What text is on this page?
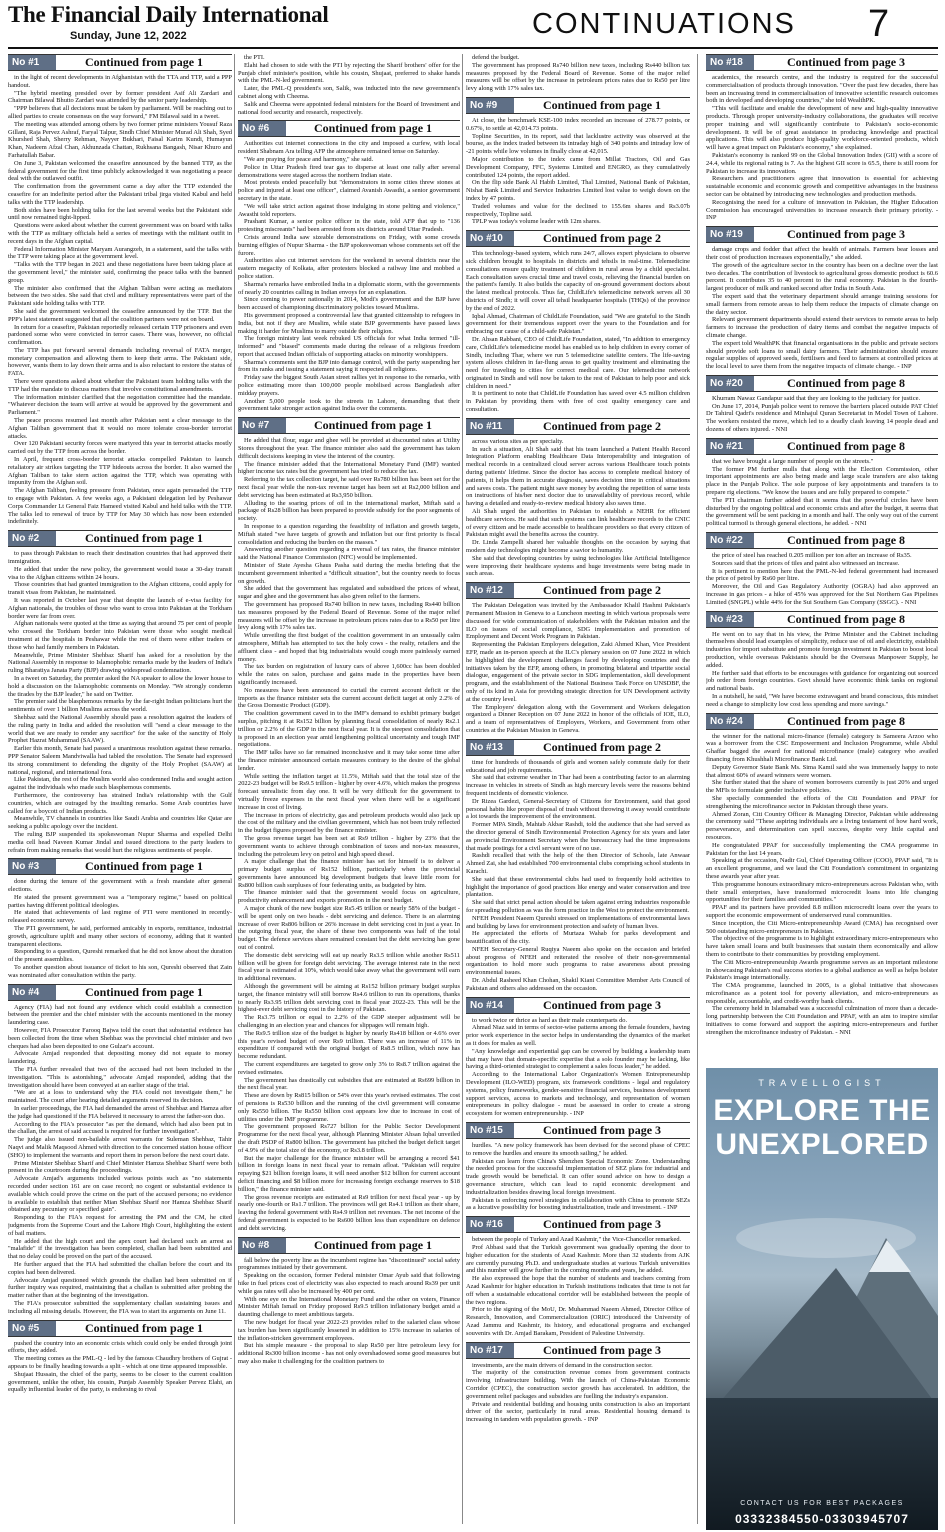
The Financial Daily International
Sunday, June 12, 2022	CONTINUATIONS 7
No #1	Continued from page 1

in the light of recent developments in Afghanistan with the TTA and TTP, said a PPP handout.

"The hybrid meeting presided over by former president Asif Ali Zardari and Chairman Bilawal Bhutto Zardari was attended by the senior party leadership.

"PPP believes that all decisions must be taken by parliament. Will be reaching out to allied parties to create consensus on the way forward," FM Bilawal said in a tweet.

The meeting was attended among others by two former prime ministers Yousuf Raza Gillani, Raja Pervez Ashraf, Faryal Talpur, Sindh Chief Minister Murad Ali Shah, Syed Khurshed Shah, Sherry Rehman, Nayyer Bukhari, Faisal Karim Kundi, Humayun Khan, Nadeem Afzal Chan, Akhunzada Chattan, Rukhsana Bangash, Nisar Khuro and Farhatullah Babar.

On June 3, Pakistan welcomed the ceasefire announced by the banned TTP, as the federal government for the first time publicly acknowledged it was negotiating a peace deal with the outlawed outfit.

The confirmation from the government came a day after the TTP extended the ceasefire for an indefinite period after the Pakistani tribal jirga visited Kabul and held talks with the TTP leadership.

Both sides have been holding talks for the last several weeks but the Pakistani side until now remained tight-lipped.

Questions were asked about whether the current government was on board with talks with the TTP as military officials held a series of meetings with the militant outfit in recent days in the Afghan capital.

Federal Information Minister Maryam Aurangzeb, in a statement, said the talks with the TTP were taking place at the government level.

"Talks with the TTP began in 2021 and these negotiations have been taking place at the government level," the minister said, confirming the peace talks with the banned group.

The minister also confirmed that the Afghan Taliban were acting as mediators between the two sides. She said that civil and military representatives were part of the Pakistani side holding talks with TTP.

She said the government welcomed the ceasefire announced by the TTP. But the PPP's latest statement suggested that all the coalition partners were not on board.

In return for a ceasefire, Pakistan reportedly released certain TTP prisoners and even pardoned some who were convicted in terror cases. There was, however, no official confirmation.

The TTP has put forward several demands including reversal of FATA merger, monetary compensation and allowing them to keep their arms. The Pakistani side, however, wants them to lay down their arms and is also reluctant to restore the status of FATA.

There were questions asked about whether the Pakistani team holding talks with the TTP had the mandate to discuss matters that involve constitutional amendments.

The information minister clarified that the negotiation committee had the mandate. "Whatever decision the team will arrive at would be approved by the government and Parliament."

The peace process resumed last month after Pakistan sent a clear message to the Afghan Taliban government that it would no more tolerate cross-border terrorist attacks.

Over 120 Pakistani security forces were martyred this year in terrorist attacks mostly carried out by the TTP from across the border.

In April, frequent cross-border terrorist attacks compelled Pakistan to launch retaliatory air strikes targeting the TTP hideouts across the border. It also warned the Afghan Taliban to take stern action against the TTP, which was operating with impunity from the Afghan soil.

The Afghan Taliban, feeling pressure from Pakistan, once again persuaded the TTP to engage with Pakistan. A few weeks ago, a Pakistani delegation led by Peshawar Corps Commander Lt General Faiz Hameed visited Kabul and held talks with the TTP. The talks led to renewal of truce by TTP for May 30 which has now been extended indefinitely.

No #2	Continued from page 1

to pass through Pakistan to reach their destination countries that had approved their immigration.

He added that under the new policy, the government would issue a 30-day transit visa to the Afghan citizens within 24 hours.

Those countries that had granted immigration to the Afghan citizens, could apply for transit visas from Pakistan, he maintained.

It was reported in October last year that despite the launch of e-visa facility for Afghan nationals, the troubles of those who want to cross into Pakistan at the Torkham border were far from over.

Afghan nationals were quoted at the time as saying that around 75 per cent of people who crossed the Torkham border into Pakistan were those who sought medical treatment at the hospitals in Peshawar while the rest of them were either traders or those who had family members in Pakistan.

Meanwhile, Prime Minister Shehbaz Sharif has asked for a resolution by the National Assembly in response to Islamophobic remarks made by the leaders of India's ruling Bharatiya Janata Party (BJP) drawing widespread condemnation.

In a tweet on Saturday, the premier asked the NA speaker to allow the lower house to hold a discussion on the Islamophobic comments on Monday. "We strongly condemn the tirades by the BJP leader," he said on Twitter.

The premier said the blasphemous remarks by the far-right Indian politicians hurt the sentiments of over 1 billion Muslims across the world.

Shehbaz said the National Assembly should pass a resolution against the leaders of the ruling party in India and added the resolution will "send a clear message to the world that we are ready to render any sacrifice" for the sake of the sanctity of Holy Prophet Hazrat Muhammad (SAAW).

Earlier this month, Senate had passed a unanimous resolution against these remarks. PPP Senator Saleem Mandviwalla had tabled the resolution. The Senate had expressed its strong commitment to defending the dignity of the Holy Prophet (SAAW) at national, regional, and international fora.

Like Pakistan, the rest of the Muslim world also condemned India and sought action against the individuals who made such blasphemous comments.

Furthermore, the controversy has strained India's relationship with the Gulf countries, which are outraged by the insulting remarks. Some Arab countries have called for a boycott of Indian products.

Meanwhile, TV channels in countries like Saudi Arabia and countries like Qatar are seeking a public apology over the incident.

The ruling BJP suspended its spokeswoman Nupur Sharma and expelled Delhi media cell head Naveen Kumar Jindal and issued directions to the party leaders to refrain from making remarks that would hurt the religious sentiments of people.

No #3	Continued from page 1

done during the tenure of the government with a fresh mandate after general elections.

He stated the present government was a "temporary regime," based on political parties having different political ideologies.

He stated that achievements of last regime of PTI were mentioned in recently-released economic survey.

The PTI government, he said, performed amicably in exports, remittance, industrial growth, agriculture uplift and many other sectors of economy, adding that it wanted transparent elections.

Responding to a question, Qureshi remarked that he did not know about the duration of the present assemblies.

To another question about issuance of ticket to his son, Qureshi observed that Zain was nominated after consultation within the party.

No #4	Continued from page 1

Agency (FIA) had not found any evidence which could establish a connection between the premier and the chief minister with the accounts mentioned in the money laundering case.

However, FIA Prosecutor Farooq Bajwa told the court that substantial evidence has been collected from the time when Shehbaz was the provincial chief minister and two cheques had also been deposited to one Gulzar's account.

Advocate Amjad responded that depositing money did not equate to money laundering.

The FIA further revealed that two of the accused had not been included in the investigation. "This is astonishing," advocate Amjad responded, adding that the investigation should have been conveyed at an earlier stage of the trial.

"We are at a loss to understand why the FIA could not investigate them," he maintained. The court after hearing detailed arguments reserved its decision.

In earlier proceedings, the FIA had demanded the arrest of Shehbaz and Hamza after the judge had questioned if the FIA believed it necessary to arrest the father-son duo.

According to the FIA's prosecutor "as per the demand, which had also been put in the challan, the arrest of said accused is required for further investigation".

The judge also issued non-bailable arrest warrants for Suleman Shehbaz, Tahir Naqvi and Malik Maqsood Ahmed with direction to the concerned station house officer (SHO) to implement the warrants and report them in person before the next court date.

Prime Minister Shehbaz Sharif and Chief Minister Hamza Shehbaz Sharif were both present in the courtroom during the proceedings.

Advocate Amjad's arguments included various points such as "no statements recorded under section 161 are on case record; no cogent or substantial evidence is available which could prove the crime on the part of the accused persons; no evidence is available to establish that neither Mian Shehbaz Sharif nor Hamza Shehbaz Sharif obtained any pecuniary or specified gain".

Responding to the FIA's request for arresting the PM and the CM, he cited judgments from the Supreme Court and the Lahore High Court, highlighting the extent of bail matters.

He added that the high court and the apex court had declared such an arrest as "malafide" if the investigation has been completed, challan had been submitted and that no delay could be proved on the part of the accused.

He further argued that the FIA had submitted the challan before the court and its copies had been delivered.

Advocate Amjad questioned which grounds the challan had been submitted on if further inquiry was required, maintaining that a challan is submitted after probing the matter rather than at the beginning of the investigation.

The FIA's prosecutor submitted the supplementary challan sustaining issues and including all missing details. However, the FIA was to start its arguments on June 11.

No #5	Continued from page 1

pushed the country into an economic crisis which could only be ended through joint efforts, they added.

The meeting comes as the PML-Q - led by the famous Chaudhry brothers of Gujrat - appears to be finally heading towards a split - which at one time appeared impossible.

Shujaat Hussain, the chief of the party, seems to be closer to the current coalition government, unlike the other, his cousin, Punjab Assembly Speaker Pervez Elahi, an equally influential leader of the party, is endorsing to rival

the PTI.

Elahi had chosen to side with the PTI by rejecting the Sharif brothers' offer for the Punjab chief minister's position, while his cousin, Shujaat, preferred to shake hands with the PML-N-led government.

Later, the PML-Q president's son, Salik, was inducted into the new government's cabinet along with Cheema.

Salik and Cheema were appointed federal ministers for the Board of Investment and national food security and research, respectively.

No #6	Continued from page 1

Authorities cut internet connections in the city and imposed a curfew, with local resident Shabnam Ara telling AFP the atmosphere remained tense on Saturday.

"We are praying for peace and harmony," she said.

Police in Uttar Pradesh fired tear gas to disperse at least one rally after several demonstrations were staged across the northern Indian state.

Most protests ended peacefully but "demonstrators in some cities threw stones at police and injured at least one officer", claimed Avanish Awasthi, a senior government secretary in the state.

"We will take strict action against those indulging in stone pelting and violence," Awasthi told reporters.

Prashant Kumar, a senior police officer in the state, told AFP that up to "136 protesting miscreants" had been arrested from six districts around Uttar Pradesh.

Crisis around India saw sizeable demonstrations on Friday, with some crowds burning effigies of Nupur Sharma - the BJP spokeswoman whose comments set off the furore.

Authorities also cut internet services for the weekend in several districts near the eastern megacity of Kolkata, after protesters blocked a railway line and mobbed a police station.

Sharma's remarks have embroiled India in a diplomatic storm, with the governments of nearly 20 countries calling in Indian envoys for an explanation.

Since coming to power nationally in 2014, Modi's government and the BJP have been accused of championing discriminatory policies toward Muslims.

His government proposed a controversial law that granted citizenship to refugees in India, but not if they are Muslim, while state BJP governments have passed laws making it harder for Muslims to marry outside their religion.

The foreign ministry last week rebuked US officials for what India termed "ill-informed" and "biased" comments made during the release of a religious freedom report that accused Indian officials of supporting attacks on minority worshippers.

Sharma's comments sent the BJP into damage control, with the party suspending her from its ranks and issuing a statement saying it respected all religions.

Friday saw the biggest South Asian street rallies yet in response to the remarks, with police estimating more than 100,000 people mobilised across Bangladesh after midday prayers.

Another 5,000 people took to the streets in Lahore, demanding that their government take stronger action against India over the comments.

No #7	Continued from page 1

He added that flour, sugar and ghee will be provided at discounted rates at Utility Stores throughout the year. The finance minister also said the government has taken difficult decisions keeping in view the interest of the country.

The finance minister added that the International Monetary Fund (IMF) wanted higher income tax rates but the government has tried to reduce the tax.

Referring to the tax collection target, he said over Rs780 billion has been set for the next fiscal year while the non-tax revenue target has been set at Rs2,000 billion and debt servicing has been estimated at Rs3,950 billion.

Alluding to the soaring prices of oil in the international market, Miftah said a package of Rs28 billion has been prepared to provide subsidy for the poor segments of society.

In response to a question regarding the feasibility of inflation and growth targets, Miftah stated "we have targets of growth and inflation but our first priority is fiscal consolidation and reducing the burden on the masses."

Answering another question regarding a reversal of tax rates, the finance minister said the National Finance Commission (NFC) would be implemented.

Minister of State Ayesha Ghaus Pasha said during the media briefing that the incumbent government inherited a "difficult situation", but the country needs to focus on growth.

She added that the government has regulated and subsidised the prices of wheat, sugar and ghee and the government has also given relief to the farmers.

The government has proposed Rs740 billion in new taxes, including Rs440 billion tax measures proposed by the Federal Board of Revenue. Some of the major relief measures will be offset by the increase in petroleum prices rates due to a Rs50 per litre levy along with 17% sales tax.

While unveiling the first budget of the coalition government in an unusually calm atmosphere, Miftah has attempted to tax the holy cows - the realty, retailers and the affluent class - and hoped that big industrialists would cough more painlessly earned money.

The tax burden on registration of luxury cars of above 1,600cc has been doubled while the rates on salon, purchase and gains made in the properties have been significantly increased.

No measures have been announced to curtail the current account deficit or the imports as the finance minister sets the current account deficit target at only 2.2% of the Gross Domestic Product (GDP).

The coalition government caved in to the IMF's demand to exhibit primary budget surplus, pitching it at Rs152 billion by planning fiscal consolidation of nearly Rs2.1 trillion or 2.2% of the GDP in the next fiscal year. It is the steepest consolidation that is proposed in an election year amid lengthening political uncertainty and tough IMF negotiations.

The IMF talks have so far remained inconclusive and it may take some time after the finance minister announced certain measures contrary to the desire of the global lender.

While setting the inflation target at 11.5%, Miftah said that the total size of the 2022-23 budget will be Rs9.5 trillion - higher by over 4.6%, which makes the progress forecast unrealistic from day one. It will be very difficult for the government to virtually freeze expenses in the next fiscal year when there will be a significant increase in cost of living.

The increase in prices of electricity, gas and petroleum products would also jack up the cost of the military and the civilian government, which has not been truly reflected in the budget figures proposed by the finance minister.

The gross revenue target has been set at Rs9 trillion - higher by 23% that the government wants to achieve through combination of taxes and non-tax measures, including the petroleum levy on petrol and high speed diesel.

A major challenge that the finance minister has set for himself is to deliver a primary budget surplus of Rs152 billion, particularly when the provincial governments have announced big development budgets that leave little room for Rs800 billion cash surpluses of four federating units, as budgeted by him.

The finance minister said that the government would focus on agriculture, productivity enhancement and exports promotion in the next budget.

A major chunk of the new budget size Rs5.45 trillion or nearly 58% of the budget - will be spent only on two heads - debt servicing and defence. There is an alarming increase of over Rs806 billion or 26% increase in debt servicing cost in just a year. In the outgoing fiscal year, the share of these two components was half of the total budget. The defence services share remained constant but the debt servicing has gone out of control.

The domestic debt servicing will eat up nearly Rs3.5 trillion while another Rs511 billion will be given for foreign debt servicing. The average interest rate in the next fiscal year is estimated at 10%, which would take away what the government will earn in additional revenues.

Although the government will be aiming at Rs152 billion primary budget surplus target, the finance ministry will still borrow Rs4.6 trillion to run its operations, thanks to nearly Rs3.95 trillion debt servicing cost in fiscal year 2022-23. This will be the highest-ever debt servicing cost in the history of Pakistan.

The Rs3.75 trillion or equal to 2.2% of the GDP steeper adjustment will be challenging in an election year and chances for slippages will remain high.

The Rs9.5 trillion size of the budget is higher by nearly Rs418 billion or 4.6% over this year's revised budget of over Rs9 trillion. There was an increase of 11% in expenditure if compared with the original budget of Rs8.5 trillion, which now has become redundant.

The current expenditures are targeted to grow only 3% to Rs8.7 trillion against the revised estimates.

The government has drastically cut subsidies that are estimated at Rs699 billion in the next fiscal year.

These are down by Rs815 billion or 54% over this year's revised estimates. The cost of pensions is Rs530 billion and the running of the civil government will consume only Rs550 billion. The Rs550 billion cost appears low due to increase in cost of utilities under the IMF programme.

The government proposed Rs727 billion for the Public Sector Development Programme for the next fiscal year, although Planning Minister Ahsan Iqbal unveiled the draft PSDP of Rs800 billion. The government has pitched the budget deficit target of 4.9% of the total size of the economy, or Rs3.8 trillion.

But the major challenge for the finance minister will be arranging a record $41 billion in foreign loans in next fiscal year to remain afloat. "Pakistan will require repaying $21 billion foreign loans, it will need another $12 billion for current account deficit financing and $8 billion more for increasing foreign exchange reserves to $18 billion," the finance minister said.

The gross revenue receipts are estimated at Rs9 trillion for next fiscal year - up by nearly one-fourth or Rs1.7 trillion. The provinces will get Rs4.1 trillion as their share, leaving the federal government with Rs4.9 trillion net revenues. The net income of the federal government is expected to be Rs600 billion less than expenditure on defence and debt servicing.

No #8	Continued from page 1

fall below the poverty line as the incumbent regime has "discontinued" social safety programmes initiated by their government.

Speaking on the occasion, former Federal minister Omar Ayub said that following hike in fuel prices cost of electricity was also expected to reach around Rs39 per unit while gas rates will also be increased by 400 per cent.

With one eye on the International Monetary Fund and the other on voters, Finance Minister Miftah Ismail on Friday proposed Rs9.5 trillion inflationary budget amid a daunting challenge to meet ambitious targets.

The new budget for fiscal year 2022-23 provides relief to the salaried class whose tax burden has been significantly lessened in addition to 15% increase in salaries of the inflation-stricken government employees.

But his simple measure - the proposal to slap Rs50 per litre petroleum levy for additional Rs300 billion income - has not only overshadowed some good measures but may also make it challenging for the coalition partners to

defend the budget.

The government has proposed Rs740 billion new taxes, including Rs440 billion tax measures proposed by the Federal Board of Revenue. Some of the major relief measures will be offset by the increase in petroleum prices rates due to Rs50 per litre levy along with 17% sales tax.

No #9	Continued from page 1

At close, the benchmark KSE-100 index recorded an increase of 278.77 points, or 0.67%, to settle at 42,014.73 points.

Topline Securities, in its report, said that lacklustre activity was observed at the bourse, as the index traded between its intraday high of 340 points and intraday low of -21 points while low volumes in finally close at 42,015.

Major contribution to the index came from Millat Tractors, Oil and Gas Development Company, FFC, Systems Limited and ENGRO, as they cumulatively contributed 124 points, the report added.

On the flip side Bank Al Habib Limited, Thal Limited, National Bank of Pakistan, Nishat Bank Limited and Service Industries Limited lost value to weigh down on the index by 47 points.

Traded volumes and value for the declined to 155.6m shares and Rs3.07b respectively, Topline said.

TPLP was today's volume leader with 12m shares.

No #10	Continued from page 2

This technology-based system, which runs 24/7, allows expert physicians to observe sick children brought to hospitals in districts and tehsils in real-time. Telemedicine consultations ensure quality treatment of children in rural areas by a child specialist. Each consultation saves crucial time and travel costs, relieving the financial burden on the patient's family. It also builds the capacity of on-ground government doctors about the latest medical protocols. Thus far, ChildLife's telemedicine network serves all 30 districts of Sindh; it will cover all tehsil headquarter hospitals (THQs) of the province by the end of 2022.

Iqbal Ahmad, Chairman of ChildLife Foundation, said "We are grateful to the Sindh government for their tremendous support over the years to the Foundation and for embracing our cause of a child-safe Pakistan."

Dr. Ahsan Rabbani, CEO of ChildLife Foundation, stated, "In addition to emergency care, ChildLife's telemedicine model has enabled us to help children in every corner of Sindh, including Thar, where we run 5 telemedicine satellite centers. The life-saving system allows children in far-flung areas to get quality treatment and eliminating the need for traveling to cities for correct medical care. Our telemedicine network originated in Sindh and will now be taken to the rest of Pakistan to help poor and sick children in need."

It is pertinent to note that ChildLife Foundation has saved over 4.5 million children in Pakistan by providing them with free of cost quality emergency care and consultation.

No #11	Continued from page 2

across various sites as per specialty.

In such a situation, Ali Shah said that his team launched a Patient Health Record Integration Platform enabling Healthcare Data Interoperability and integration of medical records in a centralized cloud server across various Healthcare touch points during patients' lifetime. Since the doctor has access to complete medical history of patients, it helps them in accurate diagnosis, saves decision time in critical situations and saves costs. The patient might save money by avoiding the repetition of same tests on instructions of his/her next doctor due to unavailability of previous record, while having a detailed and ready-to-review medical history also saves time.

Ali Shah urged the authorities in Pakistan to establish a NEHR for efficient healthcare services. He said that such systems can link healthcare records to the CNIC of every citizen and be made accessible to healthcare providers so that every citizen of Pakistan might avail the benefits across the country.

Dr. Linda Zampelli shared her valuable thoughts on the occasion by saying that modern day technologies might become a savior to humanity.

She said that developing countries by using technologies like Artificial Intelligence were improving their healthcare systems and huge investments were being made in such areas.

No #12	Continued from page 2

The Pakistan Delegation was invited by the Ambassador Khalil Hashmi Pakistan's Permanent Mission in Geneva to a Luncheon meeting in which various proposals were discussed for wide communication of stakeholders with the Pakistan mission and the ILO on issues of social compliance, SDG implementation and promotion of Employment and Decent Work Program in Pakistan.

Representing the Pakistan Employers delegation, Zaki Ahmed Khan, Vice President EFP, made an in-person speech at the ILC's plenary session on 07 June 2022 in which he highlighted the development challenges faced by developing countries and the initiatives taken by the EFP, among others, in promoting bilateral and tripartite social dialogue, engagement of the private sector in SDG implementation, skill development program, and the establishment of the National Business Task Force on UNSDBF, the only of its kind in Asia for providing strategic direction for UN Development activity at the country level.

The Employers' delegation along with the Government and Workers delegation organized a Dinner Reception on 07 June 2022 in honor of the officials of IOE, ILO, and a team of representatives of Employers, Workers, and Government from other countries at the Pakistan Mission in Geneva.

No #13	Continued from page 2

time for hundreds of thousands of girls and women safely commute daily for their educational and job requirements.

She said that extreme weather in Thar had been a contributing factor to an alarming increase in vehicles in streets of Sindh as high mercury levels were the reasons behind frequent incidents of domestic violence.

Dr Rizea Gardezi, General-Secretary of Citizens for Environment, said that good personal habits like proper disposal of trash without throwing it away would contribute a lot towards the improvement of the environment.

Former MPA Sindh, Mahtab Akbar Rashdi, told the audience that she had served as the director general of Sindh Environmental Protection Agency for six years and later as provincial Environment Secretary when the bureaucracy had the time impressions that made postings for a civil servant were of no use.

Rashdi recalled that with the help of the then Director of Schools, late Anwaar Ahmed Zai, she had established 700 environmental clubs comprising school students in Karachi.

She said that these environmental clubs had used to frequently hold activities to highlight the importance of good practices like energy and water conservation and tree plantation.

She said that strict penal action should be taken against erring industries responsible for spreading pollution as was the form practice in the West to protect the environment.

NFEH President Naeem Qureshi stressed on implementations of environmental laws and building by laws for environment protection and safety of human lives.

He appreciated the efforts of Murtaza Wahab for parks development and beautification of the city.

NFEH Secretary-General Ruqiya Naeem also spoke on the occasion and briefed about progress of NFEH and reiterated the resolve of their non-governmental organization to hold more such programs to raise awareness about pressing environmental issues.

Dr. Abdul Rasheed Khan Chohan, Shakil Kiani Committee Member Arts Council of Pakistan and others also addressed on the occasion.

No #14	Continued from page 3

to work twice or thrice as hard as their male counterparts do.

Ahmad Niaz said in terms of sector-wise patterns among the female founders, having prior work experience in the sector helps in understanding the dynamics of the market as it does for males as well.

"Any knowledge and experiential gap can be covered by building a leadership team that may have that domain-specific expertise that a solo founder may be lacking, like having a third-oriented strategist to complement a sales focus leader," he added.

According to the International Labor Organization's Women Entrepreneurship Development (ILO-WED) program, six framework conditions - legal and regulatory systems, policy frameworks, gender-sensitive financial services, business development support services, access to markets and technology, and representation of women entrepreneurs in policy dialogue - must be assessed in order to create a strong ecosystem for women entrepreneurship. - INP

No #15	Continued from page 3

hurdles. "A new policy framework has been devised for the second phase of CPEC to remove the hurdles and ensure its smooth sailing," he added.

Pakistan can learn from China's Shenzhen Special Economic Zone. Understanding the needed process for the successful implementation of SEZ plans for industrial and trade growth would be beneficial. It can offer sound advice on how to design a governance structure, which can lead to rapid economic development and industrialization besides drawing local foreign investment.

Pakistan is enforcing novel strategies in collaboration with China to promote SEZs as a lucrative possibility for boosting industrialization, trade and investment. - INP

No #16	Continued from page 3

between the people of Turkey and Azad Kashmir," the Vice-Chancellor remarked.

Prof Abbasi said that the Turkish government was gradually opening the door to higher education for the students of Azad Kashmir. More than 32 students from AJK are currently pursuing Ph.D. and undergraduate studies at various Turkish universities and this number will grow further in the coming months and years, he added.

He also expressed the hope that the number of students and teachers coming from Azad Kashmir for higher education in Turkish institutions indicates that time is not far off when a sustainable educational corridor will be established between the people of the two regions.

Prior to the signing of the MoU, Dr. Muhammad Naeem Ahmed, Director Office of Research, Innovation, and Commercialization (ORIC) introduced the University of Azad Jammu and Kashmir, its history, and educational programs and exchanged souvenirs with Dr. Amjad Barakam, President of Palestine University.

No #17	Continued from page 3

investments, are the main drivers of demand in the construction sector.

The majority of the construction revenue comes from government contracts involving infrastructure building. With the launch of China-Pakistan Economic Corridor (CPEC), the construction sector growth has accelerated. In addition, the government relief packages and subsidies are fuelling the industry's expansion.

Private and residential building and housing units construction is also an important driver of the sector, particularly in rural areas. Residential housing demand is increasing in tandem with population growth. - INP

No #18	Continued from page 3

academics, the research centre, and the industry is required for the successful commercialisation of products through innovation. "Over the past few decades, there has been an increasing trend in commercialisation of innovative scientific research outcomes both in developed and developing countries," she told WealthPK.

"This will facilitate and enable the development of new and high-quality innovative products. Through proper university-industry collaborations, the graduates will receive proper training and will significantly contribute to Pakistan's socio-economic development. It will be of great assistance in producing knowledge and practical applications. This will also produce high-quality workforce-oriented products, which will have a great impact on Pakistan's economy," she explained.

Pakistan's economy is ranked 99 on the Global Innovation Index (GII) with a score of 24.4, while its regional rating is 7. As the highest GII score is 65.5, there is still room for Pakistan to increase its innovation.

Researchers and practitioners agree that innovation is essential for achieving sustainable economic and economic growth and competitive advantages in the business sector can be obtained by introducing new technologies and production methods.

Recognising the need for a culture of innovation in Pakistan, the Higher Education Commission has encouraged universities to increase research their primary priority. - INP

No #19	Continued from page 3

damage crops and fodder that affect the health of animals. Farmers bear losses and their cost of production increases exponentially," she added.

The growth of the agriculture sector in the country has been on a decline over the last two decades. The contribution of livestock to agricultural gross domestic product is 60.6 percent. It contributes 35 to 40 percent to the rural economy. Pakistan is the fourth-largest producer of milk and ranked second after India in South Asia.

The expert said that the veterinary department should arrange training sessions for small farmers from remote areas to help them reduce the impacts of climate change on the dairy sector.

Relevant government departments should extend their services to remote areas to help farmers to increase the production of dairy items and combat the negative impacts of climate change.

The expert told WealthPK that financial organisations in the public and private sectors should provide soft loans to small dairy farmers. Their administration should ensure regular supplies of approved seeds, fertilisers and feed to farmers at controlled prices at the local level to save them from the negative impacts of climate change. - INP

No #20	Continued from page 8

Khurram Nawaz Gandapur said that they are looking to the judiciary for justice.

On June 17, 2014, Punjab police went to remove the barriers placed outside PAT Chief Dr Tahirul Qadri's residence and Minhajul Quran Secretariat in Model Town of Lahore. The workers resisted the move, which led to a deadly clash leaving 14 people dead and dozens of others injured. - NNI

No #21	Continued from page 8

that we have brought a large number of people on the streets."

The former PM further mulls that along with the Election Commission, other important appointments are also being made and large scale transfers are also taking place in the Punjab Police. The sole purpose of key appointments and transfers is to prepare rig elections. "We know the issues and are fully prepared to compete."

The PTI chairman further added that it seems that the powerful circles have been disturbed by the ongoing political and economic crisis and after the budget, it seems that the government will be sent packing in a month and half. The only way out of the current political turmoil is through general elections, he added. - NNI

No #22	Continued from page 8

the price of steel has reached 0.205 million per ton after an increase of Rs35.

Sources said that the prices of tiles and paint also witnessed an increase.

It is pertinent to mention here that the PML-N-led federal government had increased the price of petrol by Rs60 per litre.

Moreover, the Oil and Gas Regulatory Authority (OGRA) had also approved an increase in gas prices - a hike of 45% was approved for the Sui Northern Gas Pipelines Limited (SNGPL) while 44% for the Sui Southern Gas Company (SSGC). - NNI

No #23	Continued from page 8

He went on to say that in his view, the Prime Minister and the Cabinet including themselves should lead examples of simplicity, reduce use of oil and electricity, establish industries for import substitute and promote foreign investment in Pakistan to boost local production, while overseas Pakistanis should be the Overseas Manpower Supply, he added.

He further said that efforts to be encourages with guidance for organizing out sourced job order from foreign countries. Govt should have economic think tanks on regional and national basis.

In a nutshell, he said, "We have become extravagant and brand conscious, this mindset need a change to simplicity low cost less spending and more savings."

No #24	Continued from page 8

the winner for the national micro-finance (female) category is Sameera Arzoo who was a borrower from the CSC Empowerment and Inclusion Programme, while Abdul Ghaffar bagged the award for national microfinance (male) category who availed financing from Khushhali Microfinance Bank Ltd.

Deputy Governor State Bank Ms. Sima Kamil said she was immensely happy to note that almost 60% of award winners were women.

She further stated that the share of women borrowers currently is just 20% and urged the MFIs to formulate gender inclusive policies.

She specially commended the efforts of the Citi Foundation and PPAF for strengthening the microfinance sector in Pakistan through these years.

Ahmed Zoran, Citi Country Officer & Managing Director, Pakistan while addressing the ceremony said "These aspiring individuals are a living testament of how hard work, perseverance, and determination can spell success, despite very little capital and resources.

He congratulated PPAF for successfully implementing the CMA programme in Pakistan for the last 14 years.

Speaking at the occasion, Nadir Gul, Chief Operating Officer (COO), PPAF said, "It is an excellent programme, and we laud the Citi Foundation's commitment in organizing these awards year after year.

This programme honours extraordinary micro-entrepreneurs across Pakistan who, with their small enterprises, have transformed microcredit loans into life changing opportunities for their families and communities."

PPAF and its partners have provided 8.8 million microcredit loans over the years to support the economic empowerment of underserved rural communities.

Since inception, the Citi Micro-entrepreneurship Award (CMA) has recognised over 500 outstanding micro-entrepreneurs in Pakistan.

The objective of the programme is to highlight extraordinary micro-entrepreneurs who have taken small loans and built businesses that sustain them economically and allow them to contribute to their communities by providing employment.

The Citi Micro-entrepreneurship Awards programme serves as an important milestone in showcasing Pakistan's real success stories to a global audience as well as helps bolster Pakistan's image internationally.

The CMA programme, launched in 2005, is a global initiative that showcases microfinance as a potent tool for poverty alleviation, and micro-entrepreneurs as responsible, accountable, and credit-worthy bank clients.

The ceremony held in Islamabad was a successful culmination of more than a decade-long partnership between the Citi Foundation and PPAF, with an aim to inspire similar initiatives to come forward and support the aspiring micro-entrepreneurs and further strengthen the microfinance industry of Pakistan. - NNI

TRAVELLOGIST
EXPLORE THE
UNEXPLORED
CONTACT US FOR BEST PACKAGES
03332384550-03303945707
